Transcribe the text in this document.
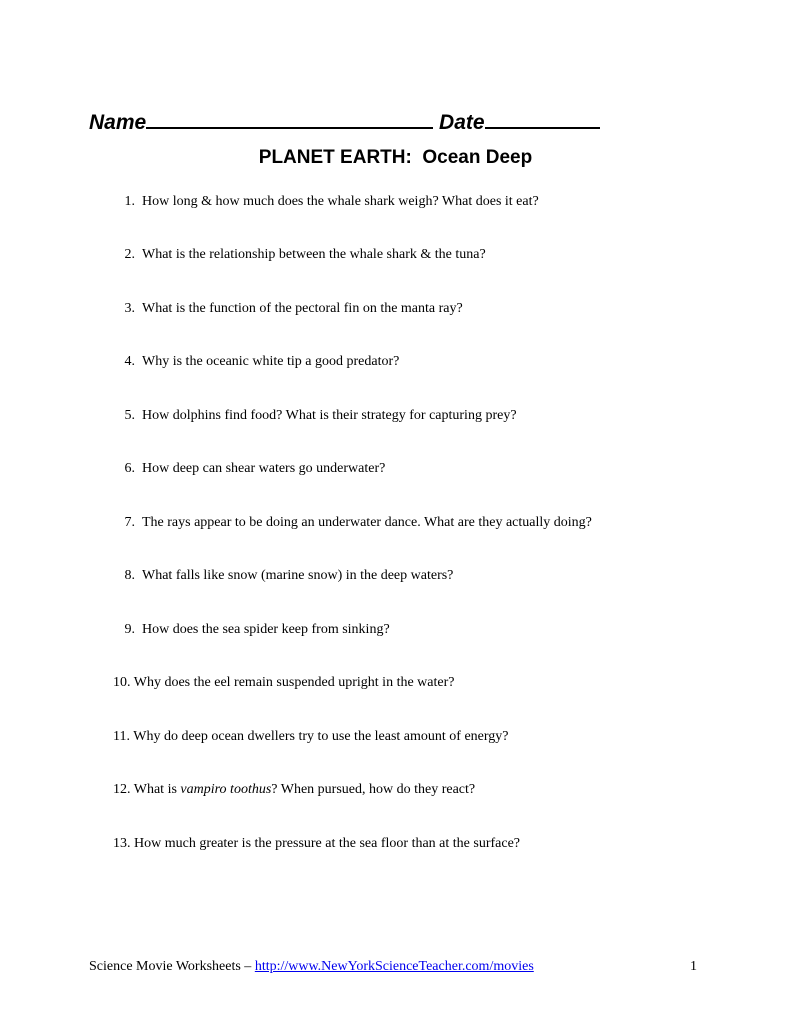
Name	Date
PLANET EARTH:  Ocean Deep
1. How long & how much does the whale shark weigh? What does it eat?
2. What is the relationship between the whale shark & the tuna?
3. What is the function of the pectoral fin on the manta ray?
4. Why is the oceanic white tip a good predator?
5. How dolphins find food? What is their strategy for capturing prey?
6. How deep can shear waters go underwater?
7. The rays appear to be doing an underwater dance. What are they actually doing?
8. What falls like snow (marine snow) in the deep waters?
9. How does the sea spider keep from sinking?
10. Why does the eel remain suspended upright in the water?
11. Why do deep ocean dwellers try to use the least amount of energy?
12. What is vampiro toothus? When pursued, how do they react?
13. How much greater is the pressure at the sea floor than at the surface?
Science Movie Worksheets – http://www.NewYorkScienceTeacher.com/movies	1
